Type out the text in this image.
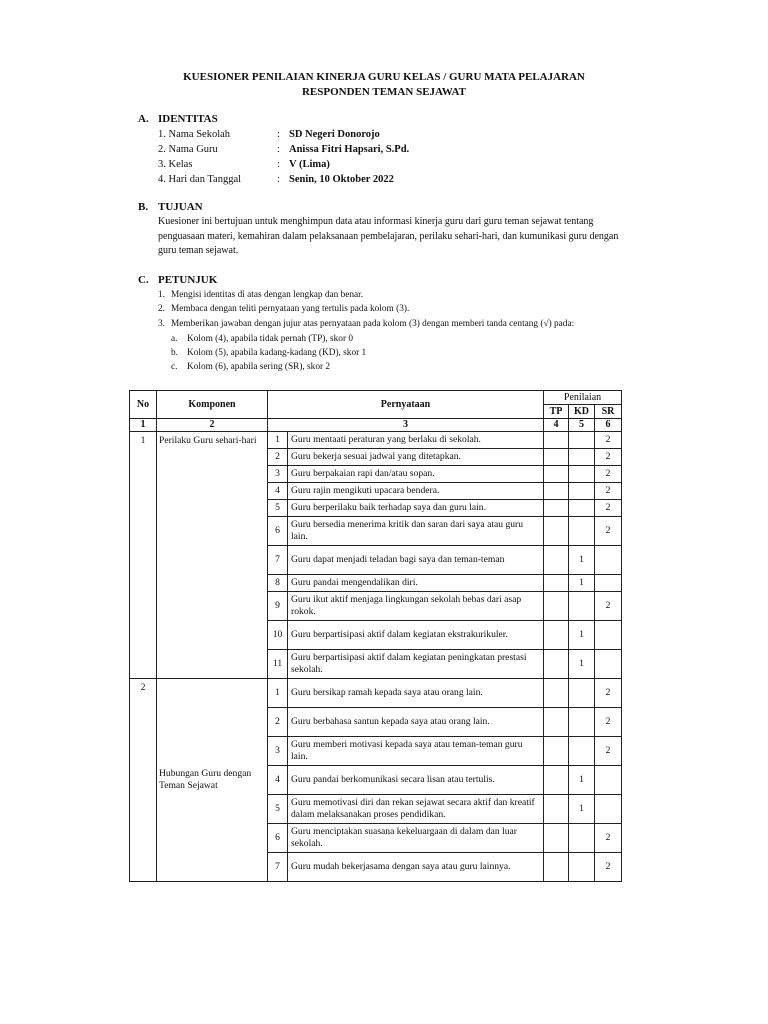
KUESIONER PENILAIAN KINERJA GURU KELAS / GURU MATA PELAJARAN
RESPONDEN TEMAN SEJAWAT
A. IDENTITAS
1. Nama Sekolah	: SD Negeri Donorojo
2. Nama Guru	: Anissa Fitri Hapsari, S.Pd.
3. Kelas	: V (Lima)
4. Hari dan Tanggal	: Senin, 10 Oktober 2022
B. TUJUAN
Kuesioner ini bertujuan untuk menghimpun data atau informasi kinerja guru dari guru teman sejawat tentang penguasaan materi, kemahiran dalam pelaksanaan pembelajaran, perilaku sehari-hari, dan kumunikasi guru dengan guru teman sejawat.
C. PETUNJUK
1. Mengisi identitas di atas dengan lengkap dan benar.
2. Membaca dengan teliti pernyataan yang tertulis pada kolom (3).
3. Memberikan jawaban dengan jujur atas pernyataan pada kolom (3) dengan memberi tanda centang (√) pada:
a. Kolom (4), apabila tidak pernah (TP), skor 0
b. Kolom (5), apabila kadang-kadang (KD), skor 1
c. Kolom (6), apabila sering (SR), skor 2
No	Komponen	Pernyataan		Penilaian		
				TP	KD	SR
1	2	3		4	5	6
1	Perilaku Guru sehari-hari	1	Guru mentaati peraturan yang berlaku di sekolah.			2
		2	Guru bekerja sesuai jadwal yang ditetapkan.			2
		3	Guru berpakaian rapi dan/atau sopan.			2
		4	Guru rajin mengikuti upacara bendera.			2
		5	Guru berperilaku baik terhadap saya dan guru lain.			2
		6	Guru bersedia menerima kritik dan saran dari saya atau guru lain.			2
		7	Guru dapat menjadi teladan bagi saya dan teman-teman		1	
		8	Guru pandai mengendalikan diri.		1	
		9	Guru ikut aktif menjaga lingkungan sekolah bebas dari asap rokok.			2
		10	Guru berpartisipasi aktif dalam kegiatan ekstrakurikuler.		1	
		11	Guru berpartisipasi aktif dalam kegiatan peningkatan prestasi sekolah.		1	
2	Hubungan Guru dengan Teman Sejawat	1	Guru bersikap ramah kepada saya atau orang lain.			2
		2	Guru berbahasa santun kepada saya atau orang lain.			2
		3	Guru memberi motivasi kepada saya atau teman-teman guru lain.			2
		4	Guru pandai berkomunikasi secara lisan atau tertulis.		1	
		5	Guru memotivasi diri dan rekan sejawat secara aktif dan kreatif dalam melaksanakan proses pendidikan.		1	
		6	Guru menciptakan suasana kekeluargaan di dalam dan luar sekolah.			2
		7	Guru mudah bekerjasama dengan saya atau guru lainnya.			2
